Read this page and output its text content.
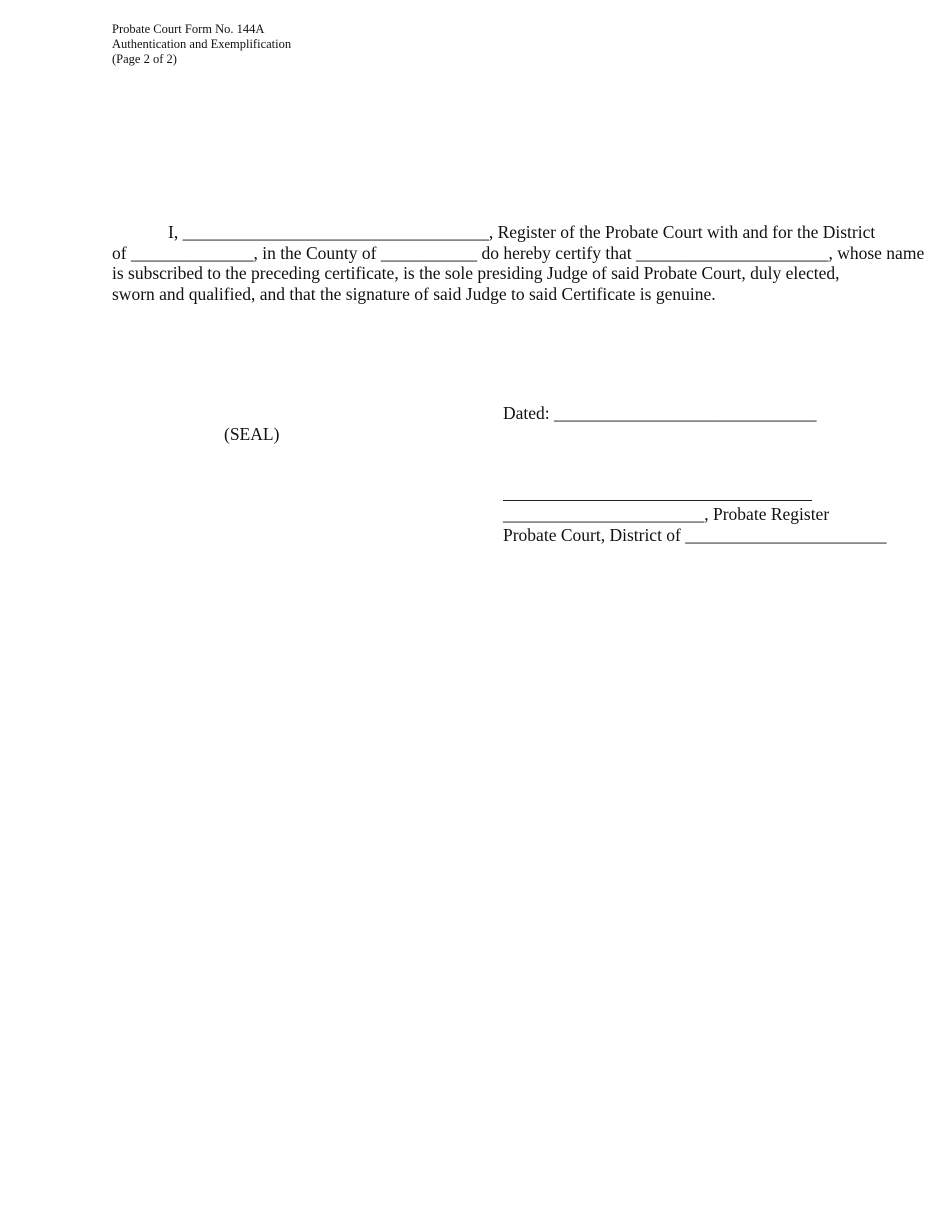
Probate Court Form No. 144A
Authentication and Exemplification
(Page 2 of 2)
I, ___________________________________, Register of the Probate Court with and for the District
of ______________, in the County of ___________ do hereby certify that ______________________, whose name
is subscribed to the preceding certificate, is the sole presiding Judge of said Probate Court, duly elected,
sworn and qualified, and that the signature of said Judge to said Certificate is genuine.
(SEAL)
Dated: ______________________________
_______________________, Probate Register
Probate Court, District of _______________________
